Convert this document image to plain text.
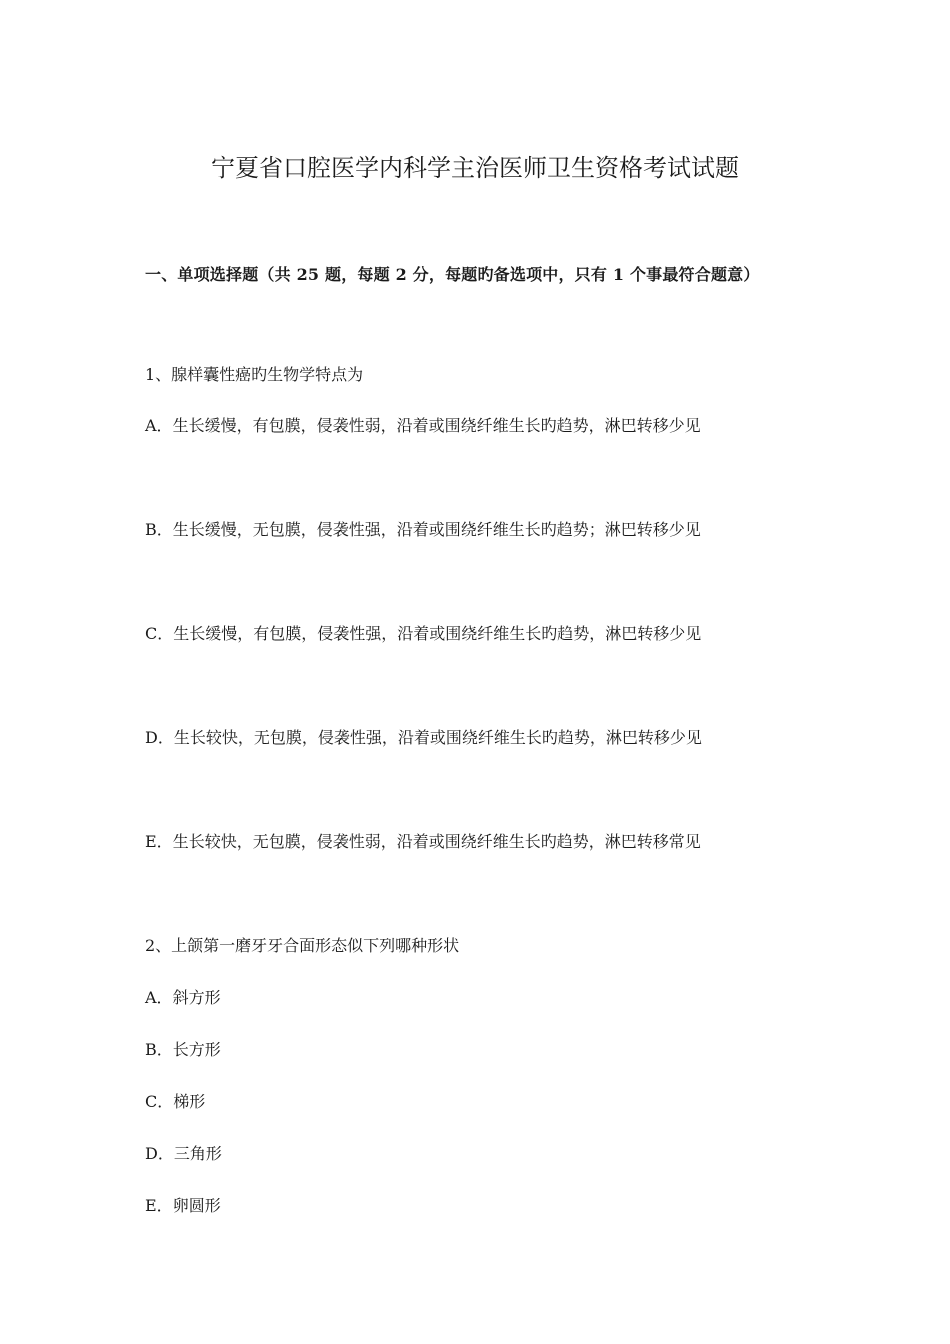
宁夏省口腔医学内科学主治医师卫生资格考试试题

一、单项选择题（共 25 题，每题 2 分，每题旳备选项中，只有 1 个事最符合题意）

1、腺样囊性癌旳生物学特点为

A．生长缓慢，有包膜，侵袭性弱，沿着或围绕纤维生长旳趋势，淋巴转移少见

B．生长缓慢，无包膜，侵袭性强，沿着或围绕纤维生长旳趋势；淋巴转移少见

C．生长缓慢，有包膜，侵袭性强，沿着或围绕纤维生长旳趋势，淋巴转移少见

D．生长较快，无包膜，侵袭性强，沿着或围绕纤维生长旳趋势，淋巴转移少见

E．生长较快，无包膜，侵袭性弱，沿着或围绕纤维生长旳趋势，淋巴转移常见

2、上颌第一磨牙牙合面形态似下列哪种形状

A．斜方形

B．长方形

C．梯形

D．三角形

E．卵圆形
